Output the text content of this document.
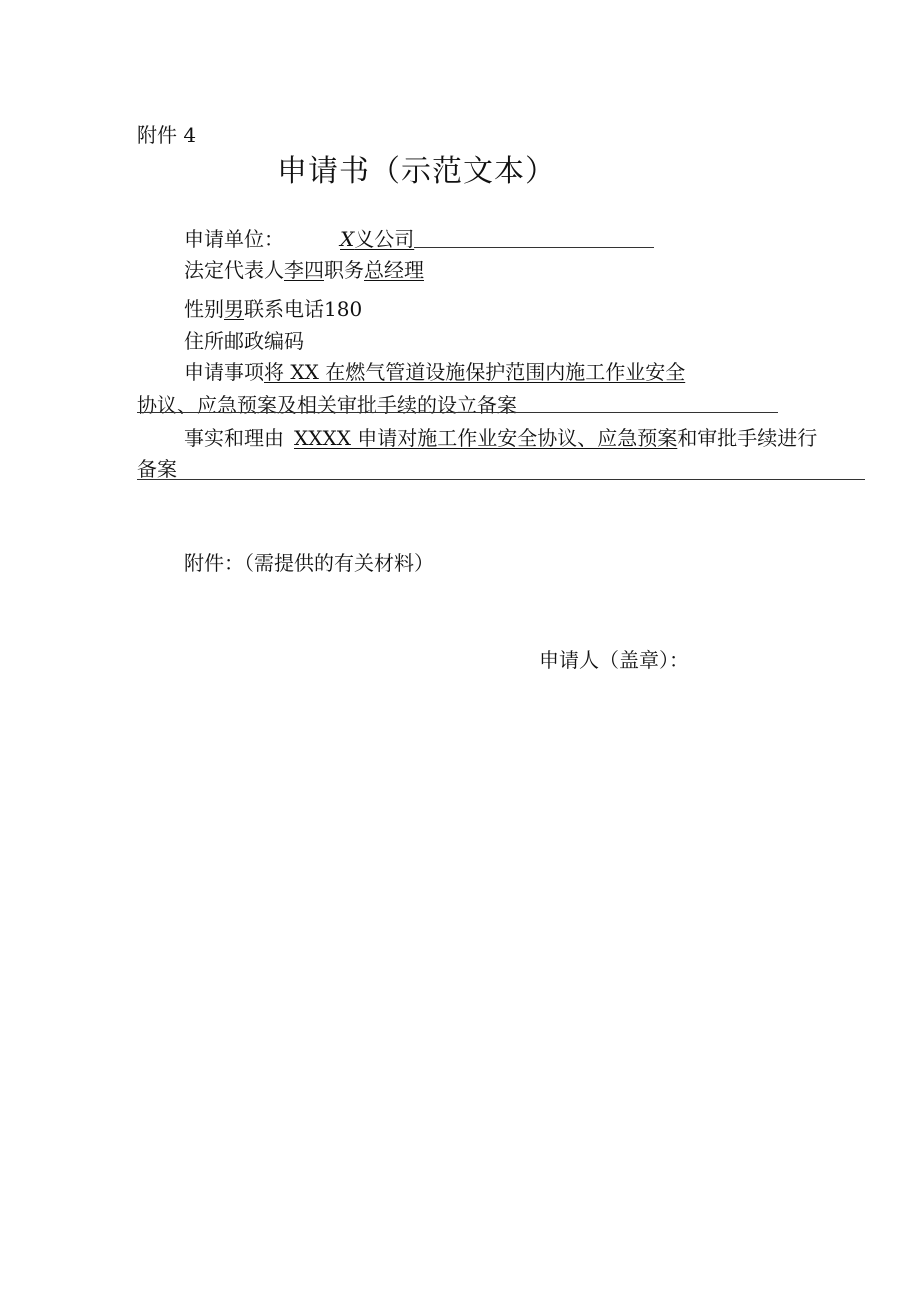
附件 4
申请书（示范文本）
申请单位：	X义公司
法定代表人李四职务总经理
性别男联系电话180
住所邮政编码
申请事项将 XX 在燃气管道设施保护范围内施工作业安全
协议、应急预案及相关审批手续的设立备案
事实和理由 XXXX 申请对施工作业安全协议、应急预案和审批手续进行
备案
附件：（需提供的有关材料）
申请人（盖章）：
